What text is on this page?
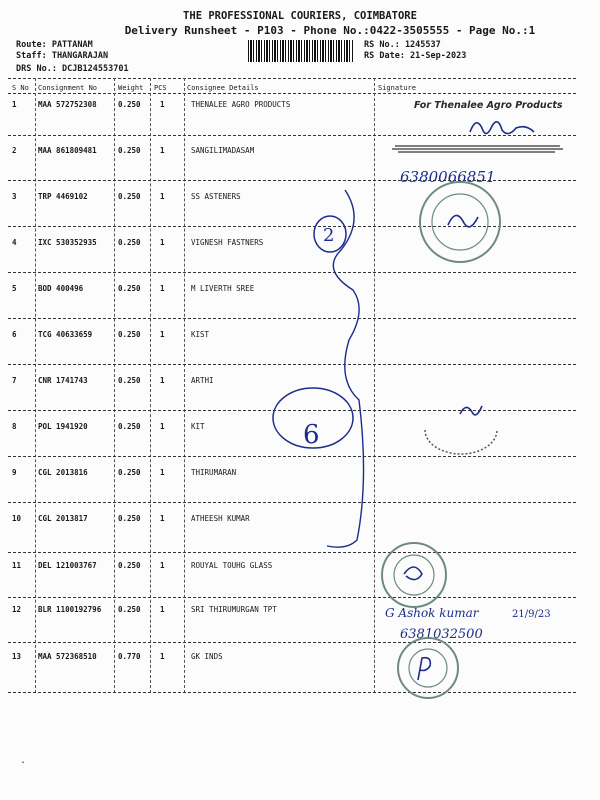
THE PROFESSIONAL COURIERS, COIMBATORE
Delivery Runsheet - P103 - Phone No.:0422-3505555 - Page No.:1
Route: PATTANAM
Staff: THANGARAJAN
DRS No.: DCJB124553701
RS No.: 1245537
RS Date: 21-Sep-2023
S No Consignment No	Weight PCS	Consignee Details	Signature
1	MAA 572752308	0.250	1	THENALEE AGRO PRODUCTS
2	MAA 861809481	0.250	1	SANGILIMADASAM
3	TRP 4469102	0.250	1	SS ASTENERS
4	IXC 530352935	0.250	1	VIGNESH FASTNERS
5	BOD 400496	0.250	1	M LIVERTH SREE
6	TCG 40633659	0.250	1	KIST
7	CNR 1741743	0.250	1	ARTHI
8	POL 1941920	0.250	1	KIT
9	CGL 2013816	0.250	1	THIRUMARAN
10 CGL 2013817	0.250	1	ATHEESH KUMAR
11 DEL 121003767	0.250	1	ROUYAL TOUHG GLASS
12 BLR 1100192796 0.250	1	SRI THIRUMURGAN TPT
13 MAA 572368510	0.770	1	GK INDS
.
For Thenalee Agro Products
6380066851
2
6
G Ashok kumar	21/9/23
6381032500
